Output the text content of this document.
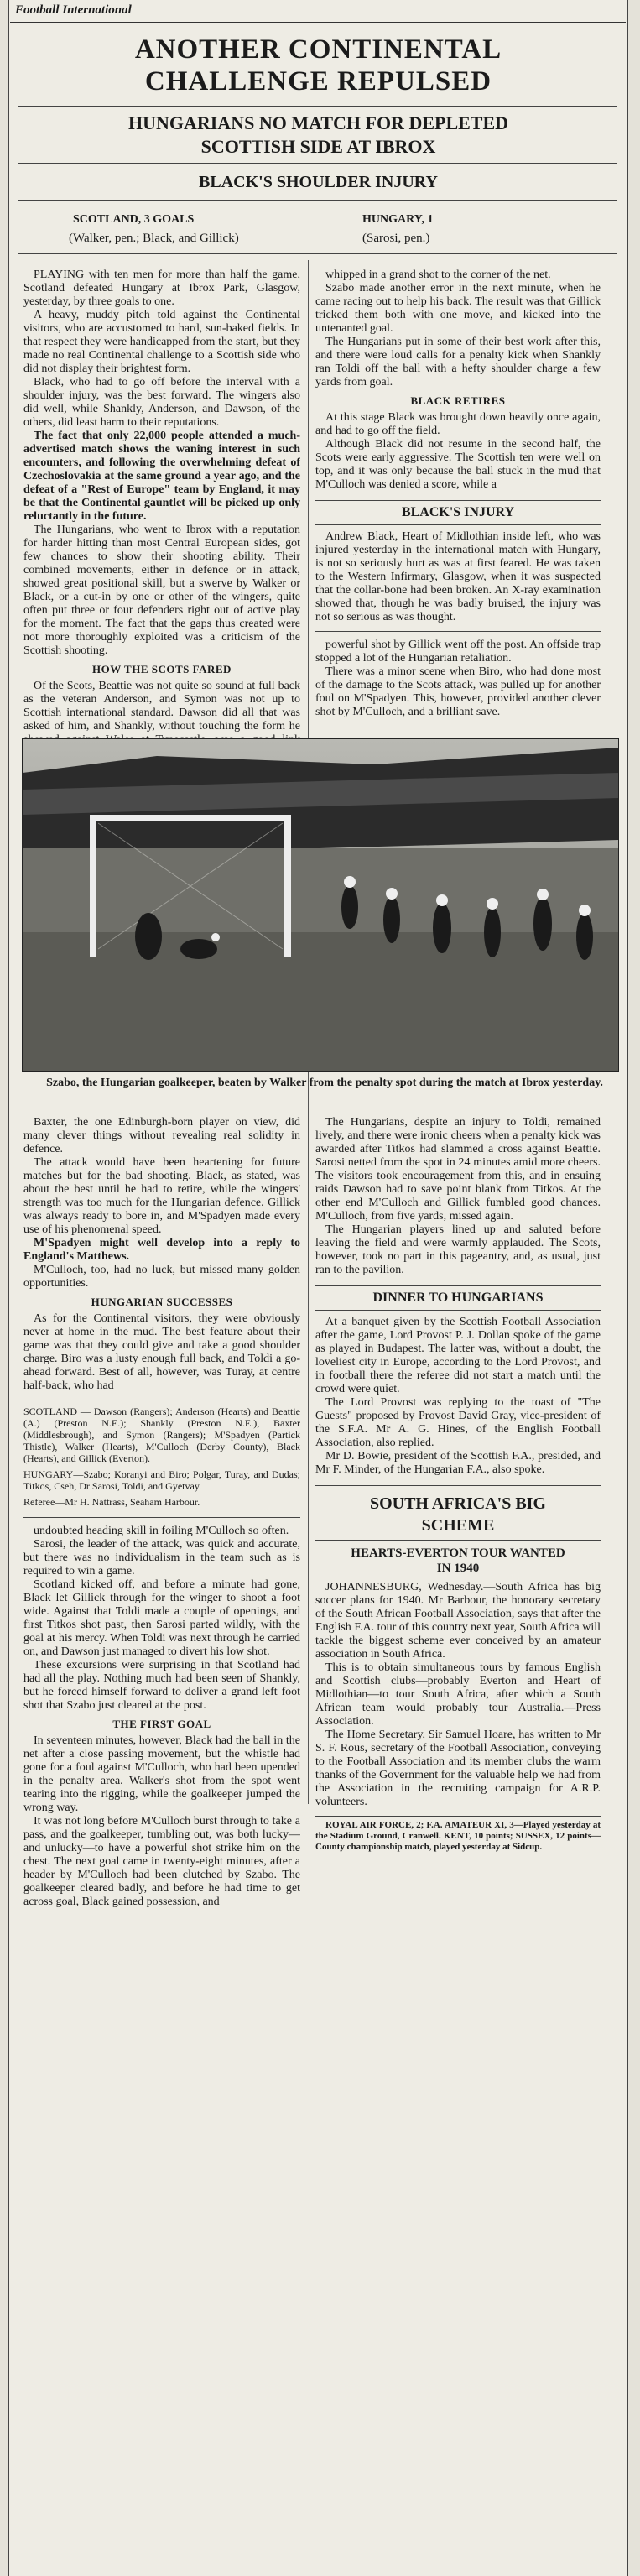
Football International
ANOTHER CONTINENTAL
CHALLENGE REPULSED
HUNGARIANS NO MATCH FOR DEPLETED
SCOTTISH SIDE AT IBROX
BLACK'S SHOULDER INJURY
SCOTLAND, 3 GOALS	HUNGARY, 1
(Walker, pen.; Black, and Gillick)	(Sarosi, pen.)

PLAYING with ten men for more than half the game, Scotland defeated Hungary at Ibrox Park, Glasgow, yesterday, by three goals to one.

A heavy, muddy pitch told against the Continental visitors, who are accustomed to hard, sun-baked fields. In that respect they were handicapped from the start, but they made no real Continental challenge to a Scottish side who did not display their brightest form.

Black, who had to go off before the interval with a shoulder injury, was the best forward. The wingers also did well, while Shankly, Anderson, and Dawson, of the others, did least harm to their reputations.

The fact that only 22,000 people attended a much-advertised match shows the waning interest in such encounters, and following the overwhelming defeat of Czechoslovakia at the same ground a year ago, and the defeat of a "Rest of Europe" team by England, it may be that the Continental gauntlet will be picked up only reluctantly in the future.

The Hungarians, who went to Ibrox with a reputation for harder hitting than most Central European sides, got few chances to show their shooting ability. Their combined movements, either in defence or in attack, showed great positional skill, but a swerve by Walker or Black, or a cut-in by one or other of the wingers, quite often put three or four defenders right out of active play for the moment. The fact that the gaps thus created were not more thoroughly exploited was a criticism of the Scottish shooting.

HOW THE SCOTS FARED

Of the Scots, Beattie was not quite so sound at full back as the veteran Anderson, and Symon was not up to Scottish international standard. Dawson did all that was asked of him, and Shankly, without touching the form he

whipped in a grand shot to the corner of the net.

Szabo made another error in the next minute, when he came racing out to help his back. The result was that Gillick tricked them both with one move, and kicked into the untenanted goal.

The Hungarians put in some of their best work after this, and there were loud calls for a penalty kick when Shankly ran Toldi off the ball with a hefty shoulder charge a few yards from goal.

BLACK RETIRES

At this stage Black was brought down heavily once again, and had to go off the field.

Although Black did not resume in the second half, the Scots were early aggressive. The Scottish ten were well on top, and it was only because the ball stuck in the mud that M'Culloch was denied a score, while a

BLACK'S INJURY

Andrew Black, Heart of Midlothian inside left, who was injured yesterday in the international match with Hungary, is not so seriously hurt as was at first feared. He was taken to the Western Infirmary, Glasgow, when it was suspected that the collar-bone had been broken. An X-ray examination showed that, though he was badly bruised, the injury was not so serious as was thought.

powerful shot by Gillick went off the post. An offside trap stopped a lot of the Hungarian retaliation.

There was a minor scene when Biro, who had done most of the damage to the Scots attack, was pulled up for another foul on M'Spadyen. This, however, provided another clever shot by M'Culloch, and a brilliant save.

Szabo, the Hungarian goalkeeper, beaten by Walker from the penalty spot during the match at Ibrox yesterday.

Baxter, the one Edinburgh-born player on view, did many clever things without revealing real solidity in defence.

The attack would have been heartening for future matches but for the bad shooting. Black, as stated, was about the best until he had to retire, while the wingers' strength was too much for the Hungarian defence. Gillick was always ready to bore in, and M'Spadyen made every use of his phenomenal speed.

M'Spadyen might well develop into a reply to England's Matthews.

M'Culloch, too, had no luck, but missed many golden opportunities.

HUNGARIAN SUCCESSES

As for the Continental visitors, they were obviously never at home in the mud. The best feature about their game was that they could give and take a good shoulder charge. Biro was a lusty enough full back, and Toldi a go-ahead forward. Best of all, however, was Turay, at centre half-back, who had

SCOTLAND — Dawson (Rangers); Anderson (Hearts) and Beattie (A.) (Preston N.E.); Shankly (Preston N.E.), Baxter (Middlesbrough), and Symon (Rangers); M'Spadyen (Partick Thistle), Walker (Hearts), M'Culloch (Derby County), Black (Hearts), and Gillick (Everton).

HUNGARY—Szabo; Koranyi and Biro; Polgar, Turay, and Dudas; Titkos, Cseh, Dr Sarosi, Toldi, and Gyetvay.

Referee—Mr H. Nattrass, Seaham Harbour.

undoubted heading skill in foiling M'Culloch so often.

Sarosi, the leader of the attack, was quick and accurate, but there was no individualism in the team such as is required to win a game.

Scotland kicked off, and before a minute had gone, Black let Gillick through for the winger to shoot a foot wide. Against that Toldi made a couple of openings, and first Titkos shot past, then Sarosi parted wildly, with the goal at his mercy. When Toldi was next through he carried on, and Dawson just managed to divert his low shot.

These excursions were surprising in that Scotland had had all the play. Nothing much had been seen of Shankly, but he forced himself forward to deliver a grand left foot shot that Szabo just cleared at the post.

THE FIRST GOAL

In seventeen minutes, however, Black had the ball in the net after a close passing movement, but the whistle had gone for a foul against M'Culloch, who had been upended in the penalty area. Walker's shot from the spot went tearing into the rigging, while the goalkeeper jumped the wrong way.

It was not long before M'Culloch burst through to take a pass, and the goalkeeper, tumbling out, was both lucky—and unlucky—to have a powerful shot strike him on the chest. The next goal came in twenty-eight minutes, after a header by M'Culloch had been clutched by Szabo. The goalkeeper cleared badly, and before he had time to get across goal, Black gained possession, and

The Hungarians, despite an injury to Toldi, remained lively, and there were ironic cheers when a penalty kick was awarded after Titkos had slammed a cross against Beattie. Sarosi netted from the spot in 24 minutes amid more cheers. The visitors took encouragement from this, and in ensuing raids Dawson had to save point blank from Titkos. At the other end M'Culloch and Gillick fumbled good chances. M'Culloch, from five yards, missed again.

The Hungarian players lined up and saluted before leaving the field and were warmly applauded. The Scots, however, took no part in this pageantry, and, as usual, just ran to the pavilion.

DINNER TO HUNGARIANS

At a banquet given by the Scottish Football Association after the game, Lord Provost P. J. Dollan spoke of the game as played in Budapest. The latter was, without a doubt, the loveliest city in Europe, according to the Lord Provost, and in football there the referee did not start a match until the crowd were quiet.

The Lord Provost was replying to the toast of "The Guests" proposed by Provost David Gray, vice-president of the S.F.A. Mr A. G. Hines, of the English Football Association, also replied.

Mr D. Bowie, president of the Scottish F.A., presided, and Mr F. Minder, of the Hungarian F.A., also spoke.

SOUTH AFRICA'S BIG
SCHEME
HEARTS-EVERTON TOUR WANTED
IN 1940

JOHANNESBURG, Wednesday.—South Africa has big soccer plans for 1940. Mr Barbour, the honorary secretary of the South African Football Association, says that after the English F.A. tour of this country next year, South Africa will tackle the biggest scheme ever conceived by an amateur association in South Africa.

This is to obtain simultaneous tours by famous English and Scottish clubs—probably Everton and Heart of Midlothian—to tour South Africa, after which a South African team would probably tour Australia.—Press Association.

The Home Secretary, Sir Samuel Hoare, has written to Mr S. F. Rous, secretary of the Football Association, conveying to the Football Association and its member clubs the warm thanks of the Government for the valuable help we had from the Association in the recruiting campaign for A.R.P. volunteers.

ROYAL AIR FORCE, 2; F.A. AMATEUR XI, 3—Played yesterday at the Stadium Ground, Cranwell. KENT, 10 points; SUSSEX, 12 points—County championship match, played yesterday at Sidcup.
